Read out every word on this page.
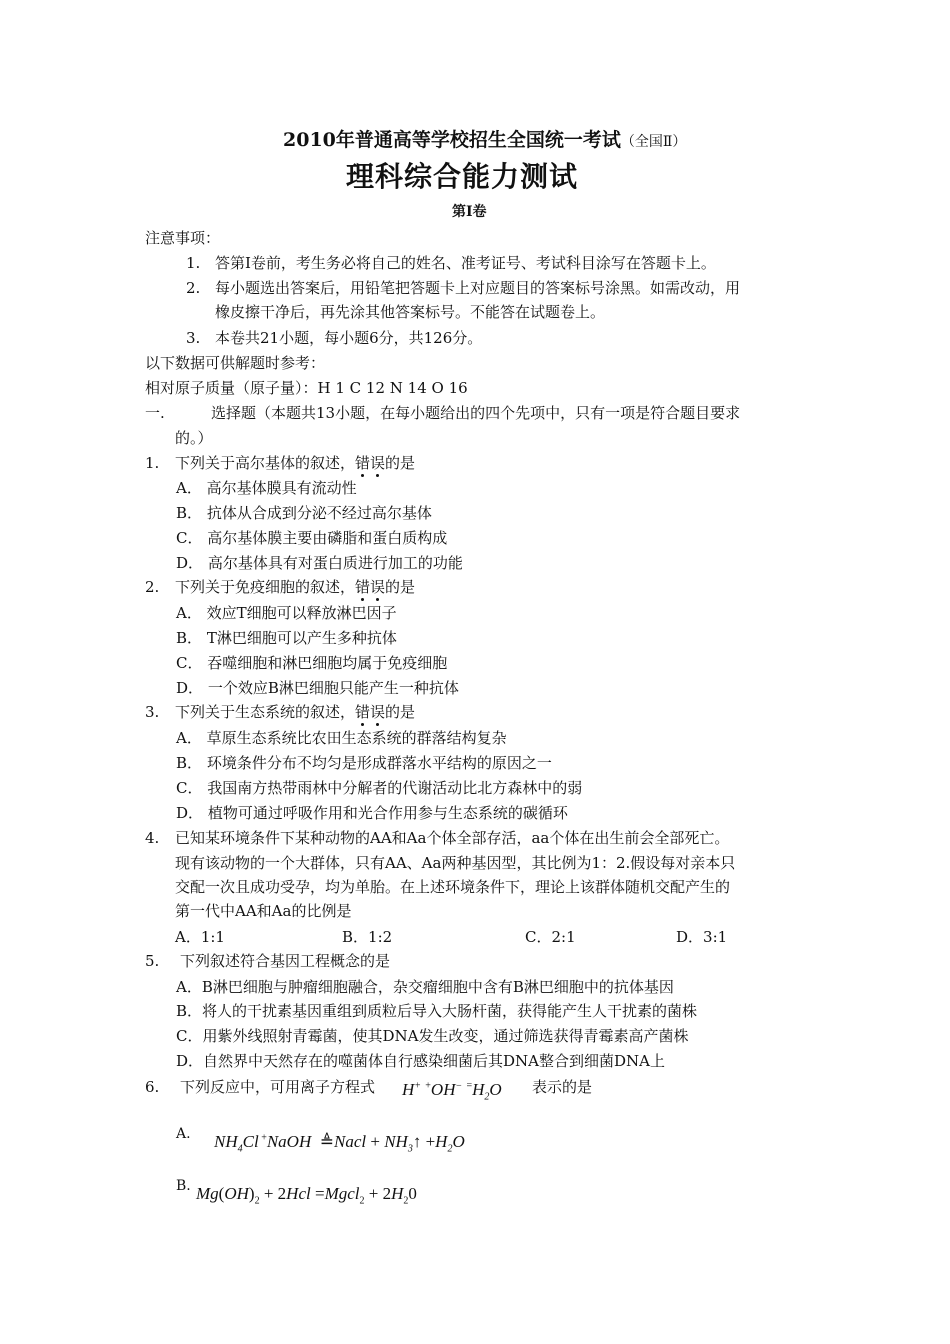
2010年普通高等学校招生全国统一考试（全国Ⅱ）
理科综合能力测试
第Ⅰ卷
注意事项：
1. 答第Ⅰ卷前，考生务必将自己的姓名、准考证号、考试科目涂写在答题卡上。
2. 每小题选出答案后，用铅笔把答题卡上对应题目的答案标号涂黑。如需改动，用
橡皮擦干净后，再先涂其他答案标号。不能答在试题卷上。
3. 本卷共21小题，每小题6分，共126分。
以下数据可供解题时参考：
相对原子质量（原子量）：H 1 C 12 N 14 O 16
一.	选择题（本题共13小题，在每小题给出的四个先项中，只有一项是符合题目要求
的。）
1. 下列关于高尔基体的叙述，错误的是
A． 高尔基体膜具有流动性
B． 抗体从合成到分泌不经过高尔基体
C． 高尔基体膜主要由磷脂和蛋白质构成
D． 高尔基体具有对蛋白质进行加工的功能
2. 下列关于免疫细胞的叙述，错误的是
A． 效应T细胞可以释放淋巴因子
B． T淋巴细胞可以产生多种抗体
C． 吞噬细胞和淋巴细胞均属于免疫细胞
D． 一个效应B淋巴细胞只能产生一种抗体
3. 下列关于生态系统的叙述，错误的是
A． 草原生态系统比农田生态系统的群落结构复杂
B． 环境条件分布不均匀是形成群落水平结构的原因之一
C． 我国南方热带雨林中分解者的代谢活动比北方森林中的弱
D． 植物可通过呼吸作用和光合作用参与生态系统的碳循环
4. 已知某环境条件下某种动物的AA和Aa个体全部存活，aa个体在出生前会全部死亡。
现有该动物的一个大群体，只有AA、Aa两种基因型，其比例为1：2.假设每对亲本只
交配一次且成功受孕，均为单胎。在上述环境条件下，理论上该群体随机交配产生的
第一代中AA和Aa的比例是
A．1:1	B．1:2	C．2:1	D．3:1
5. 下列叙述符合基因工程概念的是
A．B淋巴细胞与肿瘤细胞融合，杂交瘤细胞中含有B淋巴细胞中的抗体基因
B．将人的干扰素基因重组到质粒后导入大肠杆菌，获得能产生人干扰素的菌株
C．用紫外线照射青霉菌，使其DNA发生改变，通过筛选获得青霉素高产菌株
D．自然界中天然存在的噬菌体自行感染细菌后其DNA整合到细菌DNA上
6. 下列反应中，可用离子方程式 H+ +OH− $^=H_2O$ 表示的是
A. $NH_4Cl$ +NaOH  ≜Nacl + $NH_3↑ +H_2O$
B. $Mg(OH)_2 + 2Hcl$ =Mgcl$_2$ + $2H_20$
